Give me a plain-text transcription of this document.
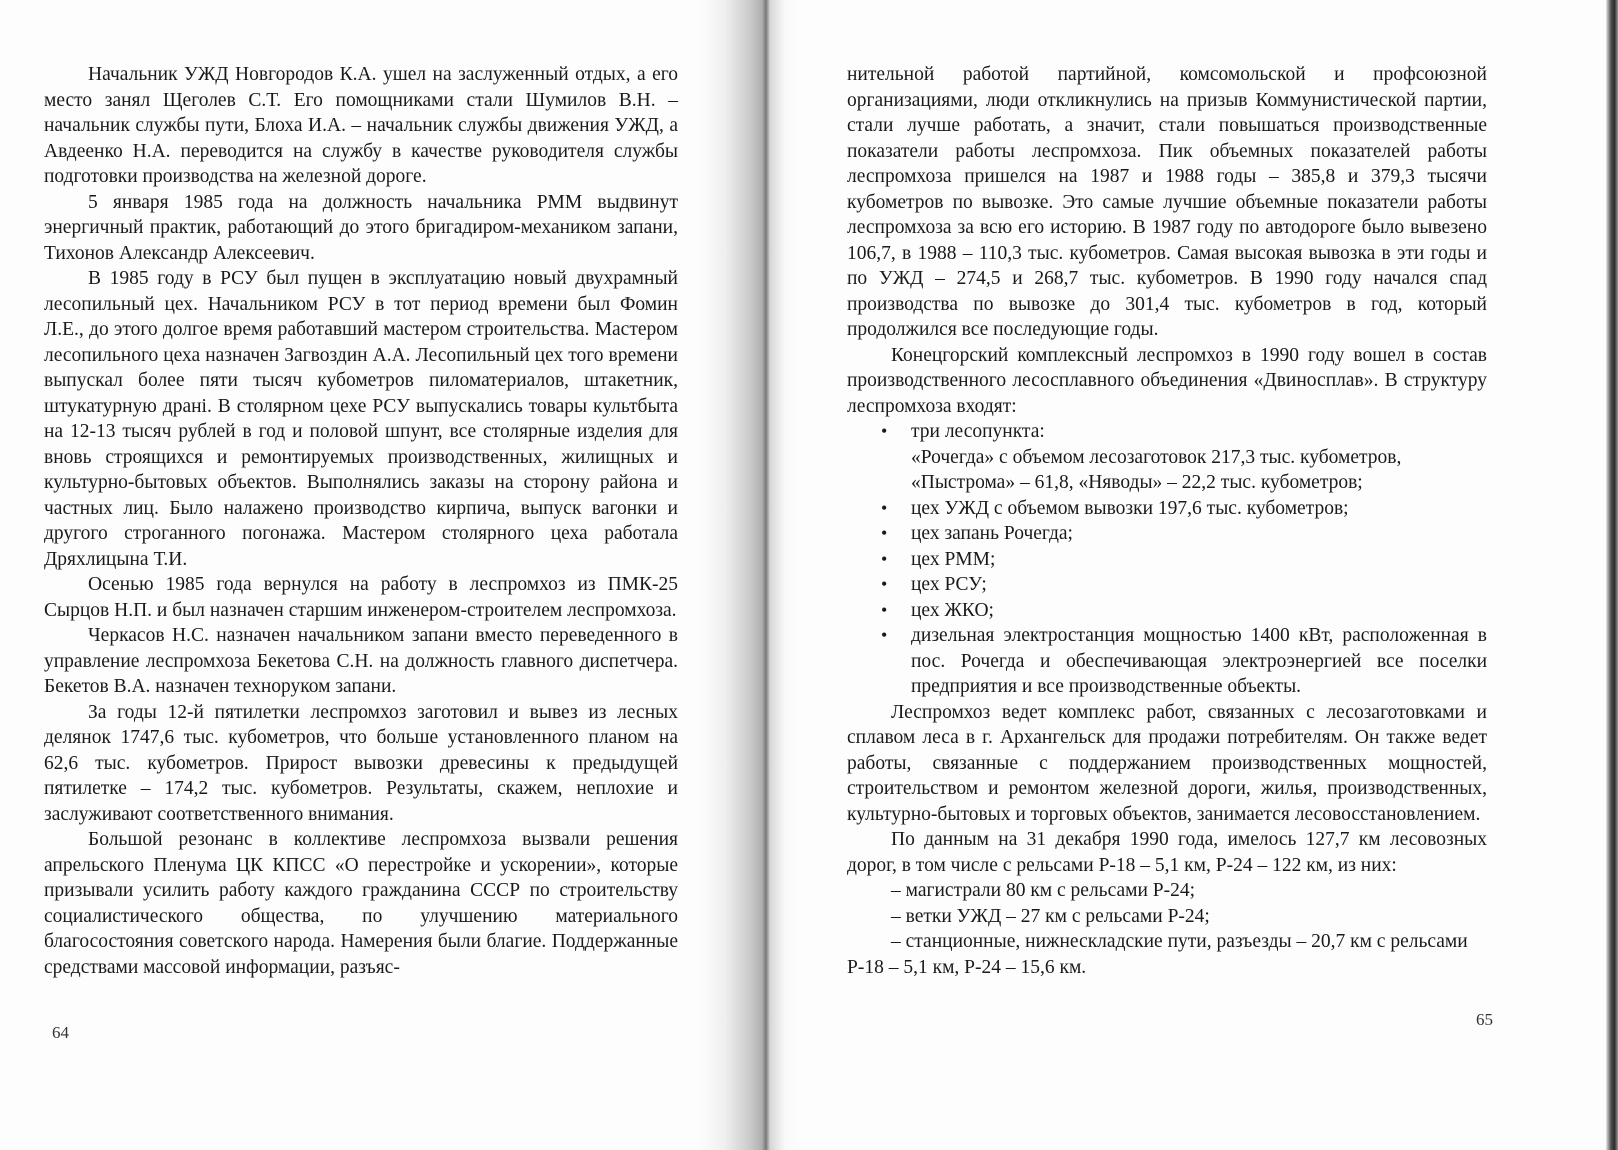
Начальник УЖД Новгородов К.А. ушел на заслуженный отдых, а его место занял Щеголев С.Т. Его помощниками стали Шумилов В.Н. – начальник службы пути, Блоха И.А. – начальник службы движения УЖД, а Авдеенко Н.А. переводится на службу в качестве руководителя службы подготовки производства на железной дороге.

5 января 1985 года на должность начальника РММ выдвинут энергичный практик, работающий до этого бригадиром-механиком запани, Тихонов Александр Алексеевич.

В 1985 году в РСУ был пущен в эксплуатацию новый двухрамный лесопильный цех. Начальником РСУ в тот период времени был Фомин Л.Е., до этого долгое время работавший мастером строительства. Мастером лесопильного цеха назначен Загвоздин А.А. Лесопильный цех того времени выпускал более пяти тысяч кубометров пиломатериалов, штакетник, штукатурную драні. В столярном цехе РСУ выпускались товары культбыта на 12-13 тысяч рублей в год и половой шпунт, все столярные изделия для вновь строящихся и ремонтируемых производственных, жилищных и культурно-бытовых объектов. Выполнялись заказы на сторону района и частных лиц. Было налажено производство кирпича, выпуск вагонки и другого строганного погонажа. Мастером столярного цеха работала Дряхлицына Т.И.

Осенью 1985 года вернулся на работу в леспромхоз из ПМК-25 Сырцов Н.П. и был назначен старшим инженером-строителем леспромхоза.

Черкасов Н.С. назначен начальником запани вместо переведенного в управление леспромхоза Бекетова С.Н. на должность главного диспетчера. Бекетов В.А. назначен техноруком запани.

За годы 12-й пятилетки леспромхоз заготовил и вывез из лесных делянок 1747,6 тыс. кубометров, что больше установленного планом на 62,6 тыс. кубометров. Прирост вывозки древесины к предыдущей пятилетке – 174,2 тыс. кубометров. Результаты, скажем, неплохие и заслуживают соответственного внимания.

Большой резонанс в коллективе леспромхоза вызвали решения апрельского Пленума ЦК КПСС «О перестройке и ускорении», которые призывали усилить работу каждого гражданина СССР по строительству социалистического общества, по улучшению материального благосостояния советского народа. Намерения были благие. Поддержанные средствами массовой информации, разъяс-

64

нительной работой партийной, комсомольской и профсоюзной организациями, люди откликнулись на призыв Коммунистической партии, стали лучше работать, а значит, стали повышаться производственные показатели работы леспромхоза. Пик объемных показателей работы леспромхоза пришелся на 1987 и 1988 годы – 385,8 и 379,3 тысячи кубометров по вывозке. Это самые лучшие объемные показатели работы леспромхоза за всю его историю. В 1987 году по автодороге было вывезено 106,7, в 1988 – 110,3 тыс. кубометров. Самая высокая вывозка в эти годы и по УЖД – 274,5 и 268,7 тыс. кубометров. В 1990 году начался спад производства по вывозке до 301,4 тыс. кубометров в год, который продолжился все последующие годы.

Конецгорский комплексный леспромхоз в 1990 году вошел в состав производственного лесосплавного объединения «Двиносплав». В структуру леспромхоза входят:

• три лесопункта:
«Рочегда» с объемом лесозаготовок 217,3 тыс. кубометров,
«Пыстрома» – 61,8, «Няводы» – 22,2 тыс. кубометров;
• цех УЖД с объемом вывозки 197,6 тыс. кубометров;
• цех запань Рочегда;
• цех РММ;
• цех РСУ;
• цех ЖКО;
• дизельная электростанция мощностью 1400 кВт, расположенная в пос. Рочегда и обеспечивающая электроэнергией все поселки предприятия и все производственные объекты.

Леспромхоз ведет комплекс работ, связанных с лесозаготовками и сплавом леса в г. Архангельск для продажи потребителям. Он также ведет работы, связанные с поддержанием производственных мощностей, строительством и ремонтом железной дороги, жилья, производственных, культурно-бытовых и торговых объектов, занимается лесовосстановлением.

По данным на 31 декабря 1990 года, имелось 127,7 км лесовозных дорог, в том числе с рельсами Р-18 – 5,1 км, Р-24 – 122 км, из них:

– магистрали 80 км с рельсами Р-24;
– ветки УЖД – 27 км с рельсами Р-24;
– станционные, нижнескладские пути, разъезды – 20,7 км с рельсами Р-18 – 5,1 км, Р-24 – 15,6 км.
65
